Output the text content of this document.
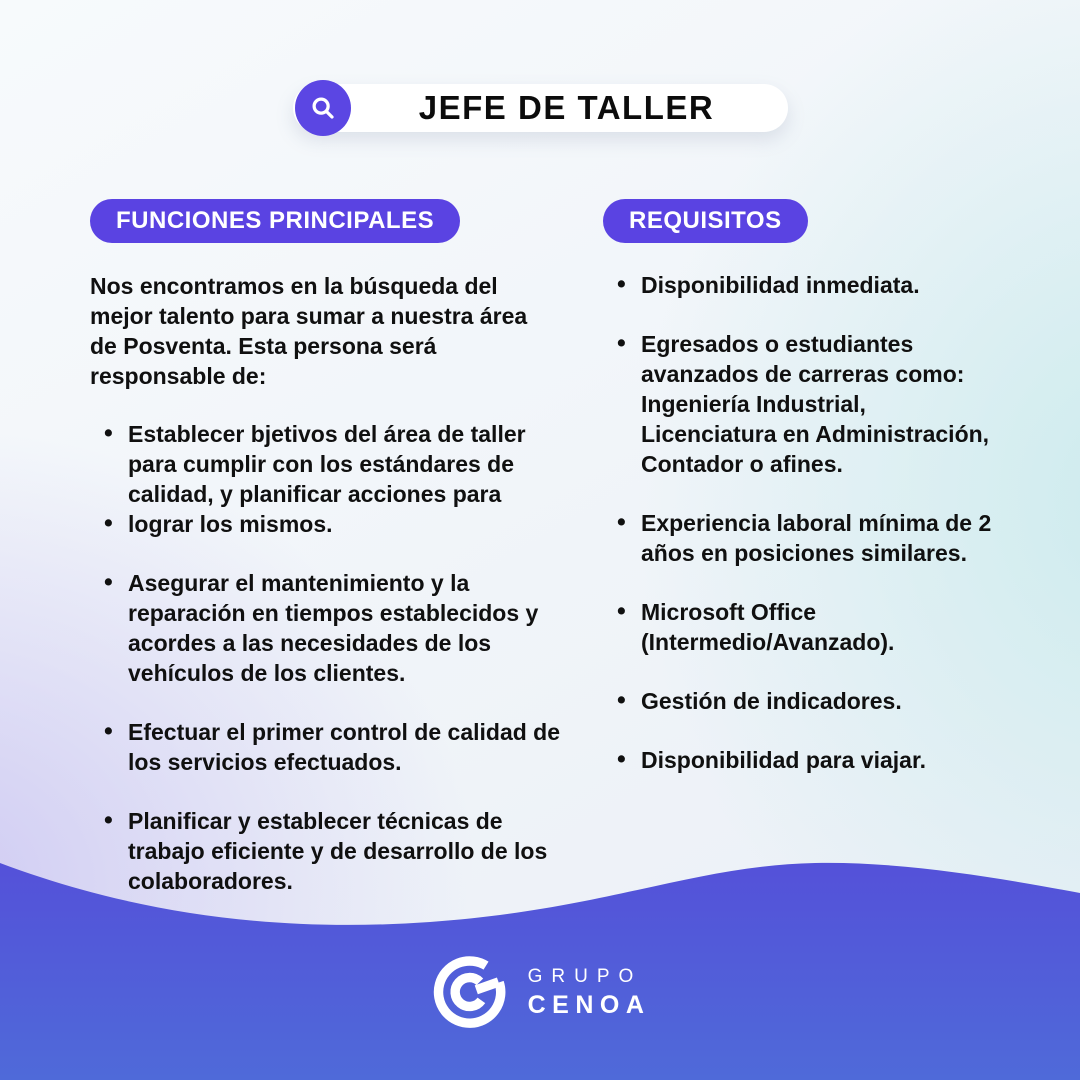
JEFE DE TALLER
FUNCIONES PRINCIPALES

Nos encontramos en la búsqueda del mejor talento para sumar a nuestra área de Posventa. Esta persona será responsable de:

• Establecer bjetivos del área de taller para cumplir con los estándares de calidad, y planificar acciones para
• lograr los mismos.
• Asegurar el mantenimiento y la reparación en tiempos establecidos y acordes a las necesidades de los vehículos de los clientes.
• Efectuar el primer control de calidad de los servicios efectuados.
• Planificar y establecer técnicas de trabajo eficiente y de desarrollo de los colaboradores.
REQUISITOS
• Disponibilidad inmediata.
• Egresados o estudiantes avanzados de carreras como: Ingeniería Industrial, Licenciatura en Administración, Contador o afines.
• Experiencia laboral mínima de 2 años en posiciones similares.
• Microsoft Office (Intermedio/Avanzado).
• Gestión de indicadores.
• Disponibilidad para viajar.
GRUPO
CENOA
